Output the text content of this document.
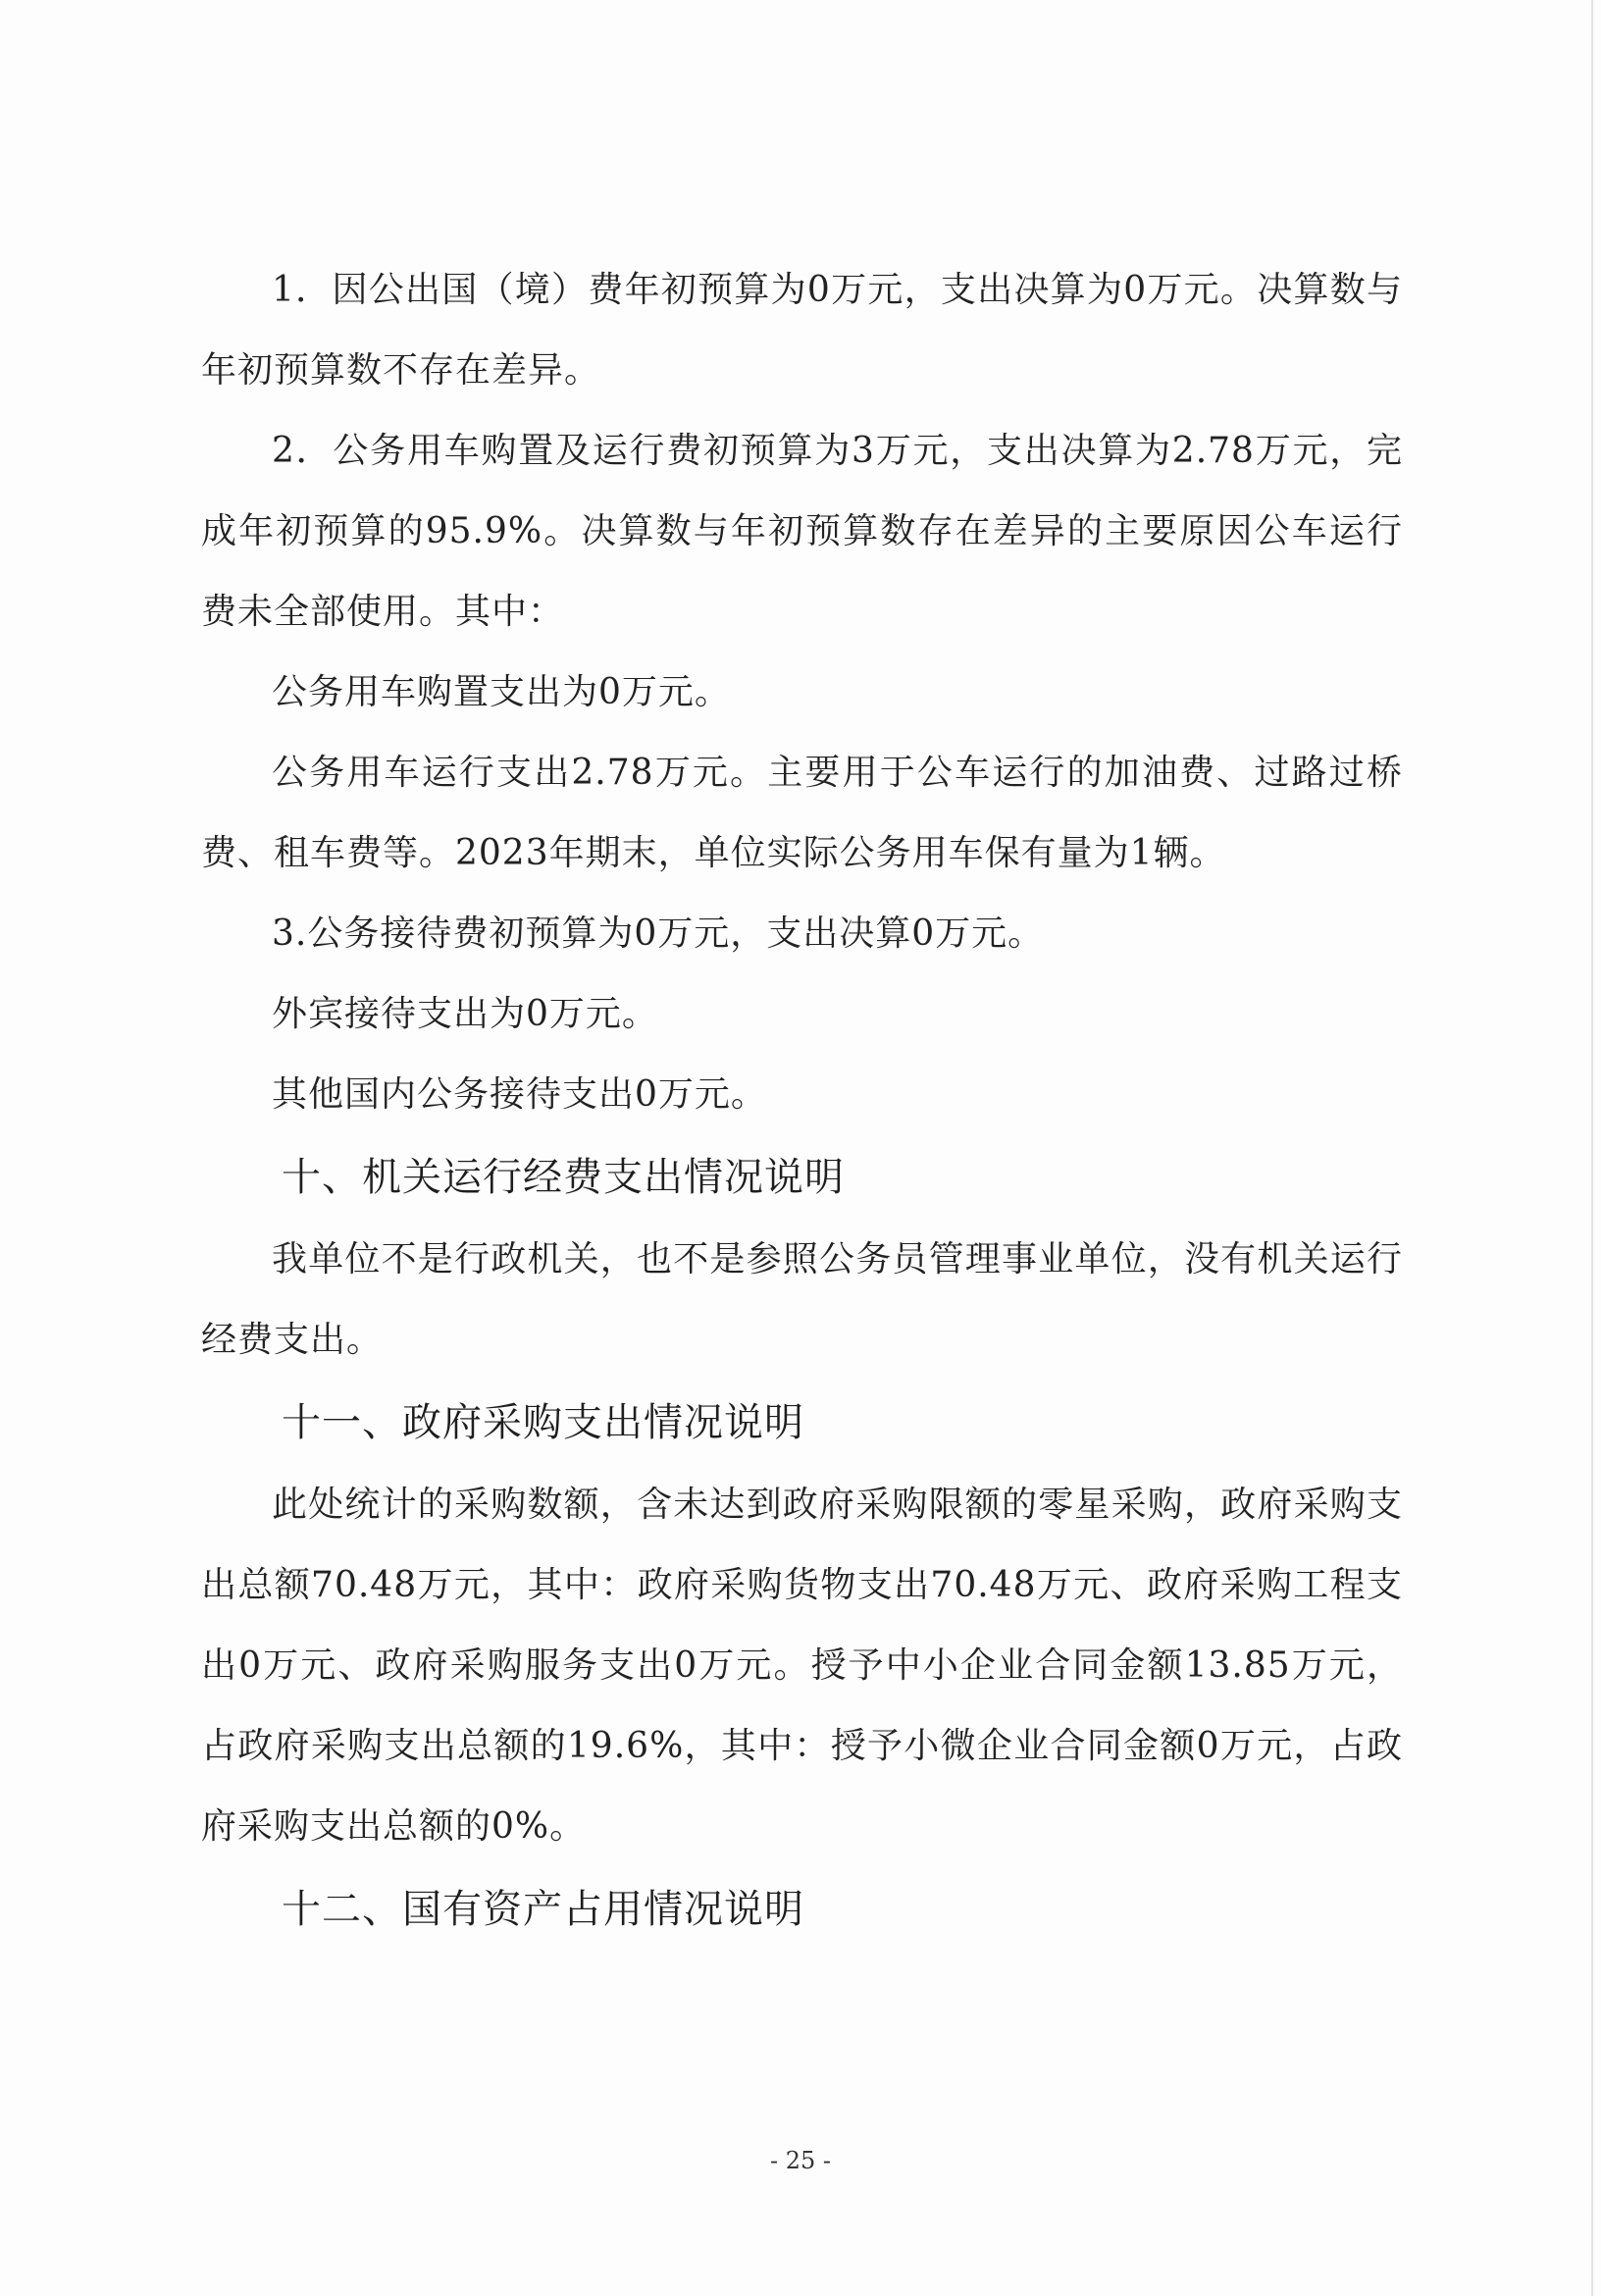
1．因公出国（境）费年初预算为0万元，支出决算为0万元。决算数与年初预算数不存在差异。

2．公务用车购置及运行费初预算为3万元，支出决算为2.78万元，完成年初预算的95.9%。决算数与年初预算数存在差异的主要原因公车运行费未全部使用。其中：

公务用车购置支出为0万元。

公务用车运行支出2.78万元。主要用于公车运行的加油费、过路过桥费、租车费等。2023年期末，单位实际公务用车保有量为1辆。

3.公务接待费初预算为0万元，支出决算0万元。

外宾接待支出为0万元。

其他国内公务接待支出0万元。

十、机关运行经费支出情况说明

我单位不是行政机关，也不是参照公务员管理事业单位，没有机关运行经费支出。

十一、政府采购支出情况说明

此处统计的采购数额，含未达到政府采购限额的零星采购，政府采购支出总额70.48万元，其中：政府采购货物支出70.48万元、政府采购工程支出0万元、政府采购服务支出0万元。授予中小企业合同金额13.85万元，占政府采购支出总额的19.6%，其中：授予小微企业合同金额0万元，占政府采购支出总额的0%。

十二、国有资产占用情况说明
- 25 -
